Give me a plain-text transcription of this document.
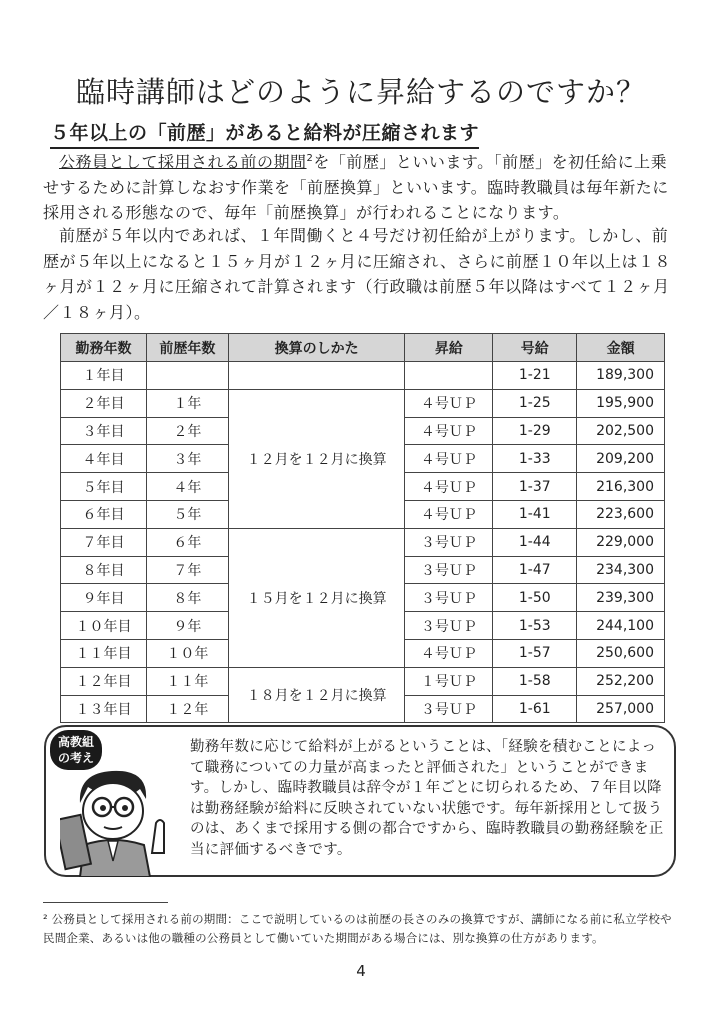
臨時講師はどのように昇給するのですか？
５年以上の「前歴」があると給料が圧縮されます

公務員として採用される前の期間$^2$を「前歴」といいます。「前歴」を初任給に上乗せするために計算しなおす作業を「前歴換算」といいます。臨時教職員は毎年新たに採用される形態なので、毎年「前歴換算」が行われることになります。

前歴が５年以内であれば、１年間働くと４号だけ初任給が上がります。しかし、前歴が５年以上になると１５ヶ月が１２ヶ月に圧縮され、さらに前歴１０年以上は１８ヶ月が１２ヶ月に圧縮されて計算されます（行政職は前歴５年以降はすべて１２ヶ月／１８ヶ月）。

勤務年数	前歴年数	換算のしかた	昇給	号給	金額
１年目				1-21	189,300
２年目	１年	１２月を１２月に換算	４号ＵＰ	1-25	195,900
３年目	２年		４号ＵＰ	1-29	202,500
４年目	３年		４号ＵＰ	1-33	209,200
５年目	４年		４号ＵＰ	1-37	216,300
６年目	５年		４号ＵＰ	1-41	223,600
７年目	６年	１５月を１２月に換算	３号ＵＰ	1-44	229,000
８年目	７年		３号ＵＰ	1-47	234,300
９年目	８年		３号ＵＰ	1-50	239,300
１０年目	９年		３号ＵＰ	1-53	244,100
１１年目	１０年		４号ＵＰ	1-57	250,600
１２年目	１１年	１８月を１２月に換算	１号ＵＰ	1-58	252,200
１３年目	１２年		３号ＵＰ	1-61	257,000
高教組
の考え
勤務年数に応じて給料が上がるということは、「経験を積むことによって職務についての力量が高まったと評価された」ということができます。しかし、臨時教職員は辞令が１年ごとに切られるため、７年目以降は勤務経験が給料に反映されていない状態です。毎年新採用として扱うのは、あくまで採用する側の都合ですから、臨時教職員の勤務経験を正当に評価するべきです。
² 公務員として採用される前の期間：ここで説明しているのは前歴の長さのみの換算ですが、講師になる前に私立学校や民間企業、あるいは他の職種の公務員として働いていた期間がある場合には、別な換算の仕方があります。
4
